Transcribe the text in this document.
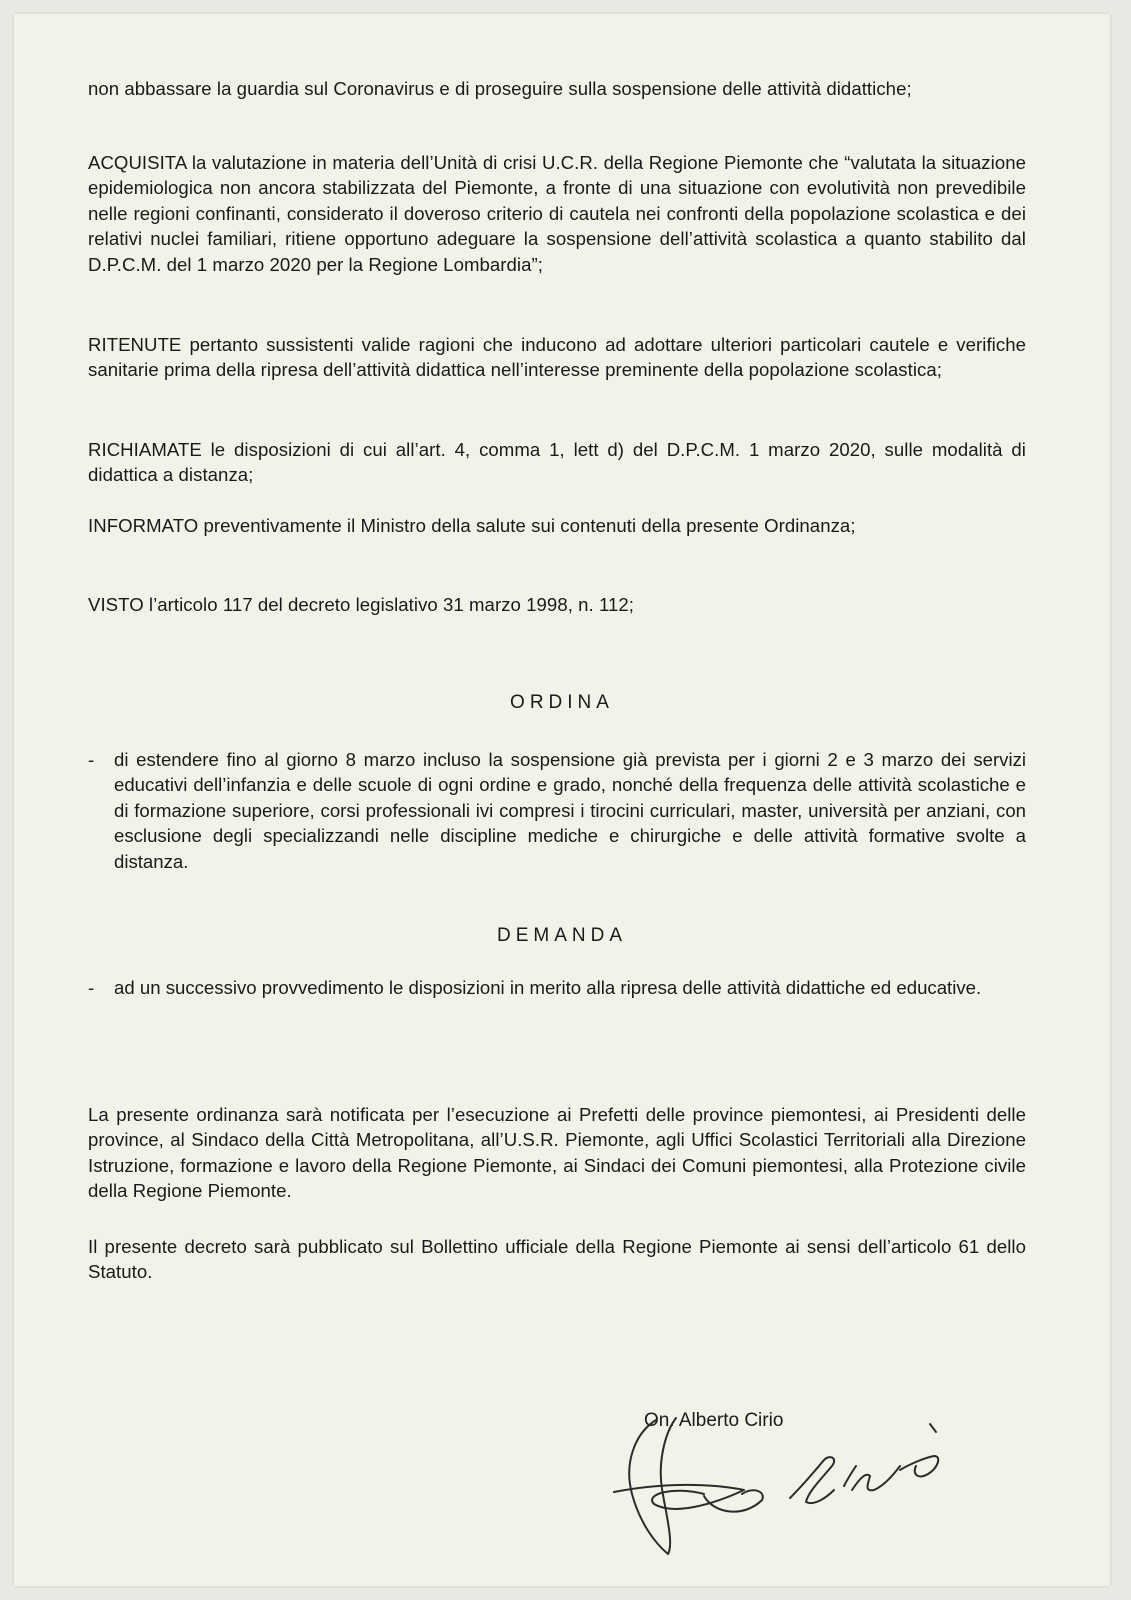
non abbassare la guardia sul Coronavirus e di proseguire sulla sospensione delle attività didattiche;

ACQUISITA la valutazione in materia dell’Unità di crisi U.C.R. della Regione Piemonte che “valutata la situazione epidemiologica non ancora stabilizzata del Piemonte, a fronte di una situazione con evolutività non prevedibile nelle regioni confinanti, considerato il doveroso criterio di cautela nei confronti della popolazione scolastica e dei relativi nuclei familiari, ritiene opportuno adeguare la sospensione dell’attività scolastica a quanto stabilito dal D.P.C.M. del 1 marzo 2020 per la Regione Lombardia”;

RITENUTE pertanto sussistenti valide ragioni che inducono ad adottare ulteriori particolari cautele e verifiche sanitarie prima della ripresa dell’attività didattica nell’interesse preminente della popolazione scolastica;

RICHIAMATE le disposizioni di cui all’art. 4, comma 1, lett d) del D.P.C.M. 1 marzo 2020, sulle modalità di didattica a distanza;

INFORMATO preventivamente il Ministro della salute sui contenuti della presente Ordinanza;

VISTO l’articolo 117 del decreto legislativo 31 marzo 1998, n. 112;

ORDINA
-	di estendere fino al giorno 8 marzo incluso la sospensione già prevista per i giorni 2 e 3 marzo dei servizi educativi dell’infanzia e delle scuole di ogni ordine e grado, nonché della frequenza delle attività scolastiche e di formazione superiore, corsi professionali ivi compresi i tirocini curriculari, master, università per anziani, con esclusione degli specializzandi nelle discipline mediche e chirurgiche e delle attività formative svolte a distanza.
DEMANDA
-	ad un successivo provvedimento le disposizioni in merito alla ripresa delle attività didattiche ed educative.

La presente ordinanza sarà notificata per l’esecuzione ai Prefetti delle province piemontesi, ai Presidenti delle province, al Sindaco della Città Metropolitana, all’U.S.R. Piemonte, agli Uffici Scolastici Territoriali alla Direzione Istruzione, formazione e lavoro della Regione Piemonte, ai Sindaci dei Comuni piemontesi, alla Protezione civile della Regione Piemonte.

Il presente decreto sarà pubblicato sul Bollettino ufficiale della Regione Piemonte ai sensi dell’articolo 61 dello Statuto.

On. Alberto Cirio
